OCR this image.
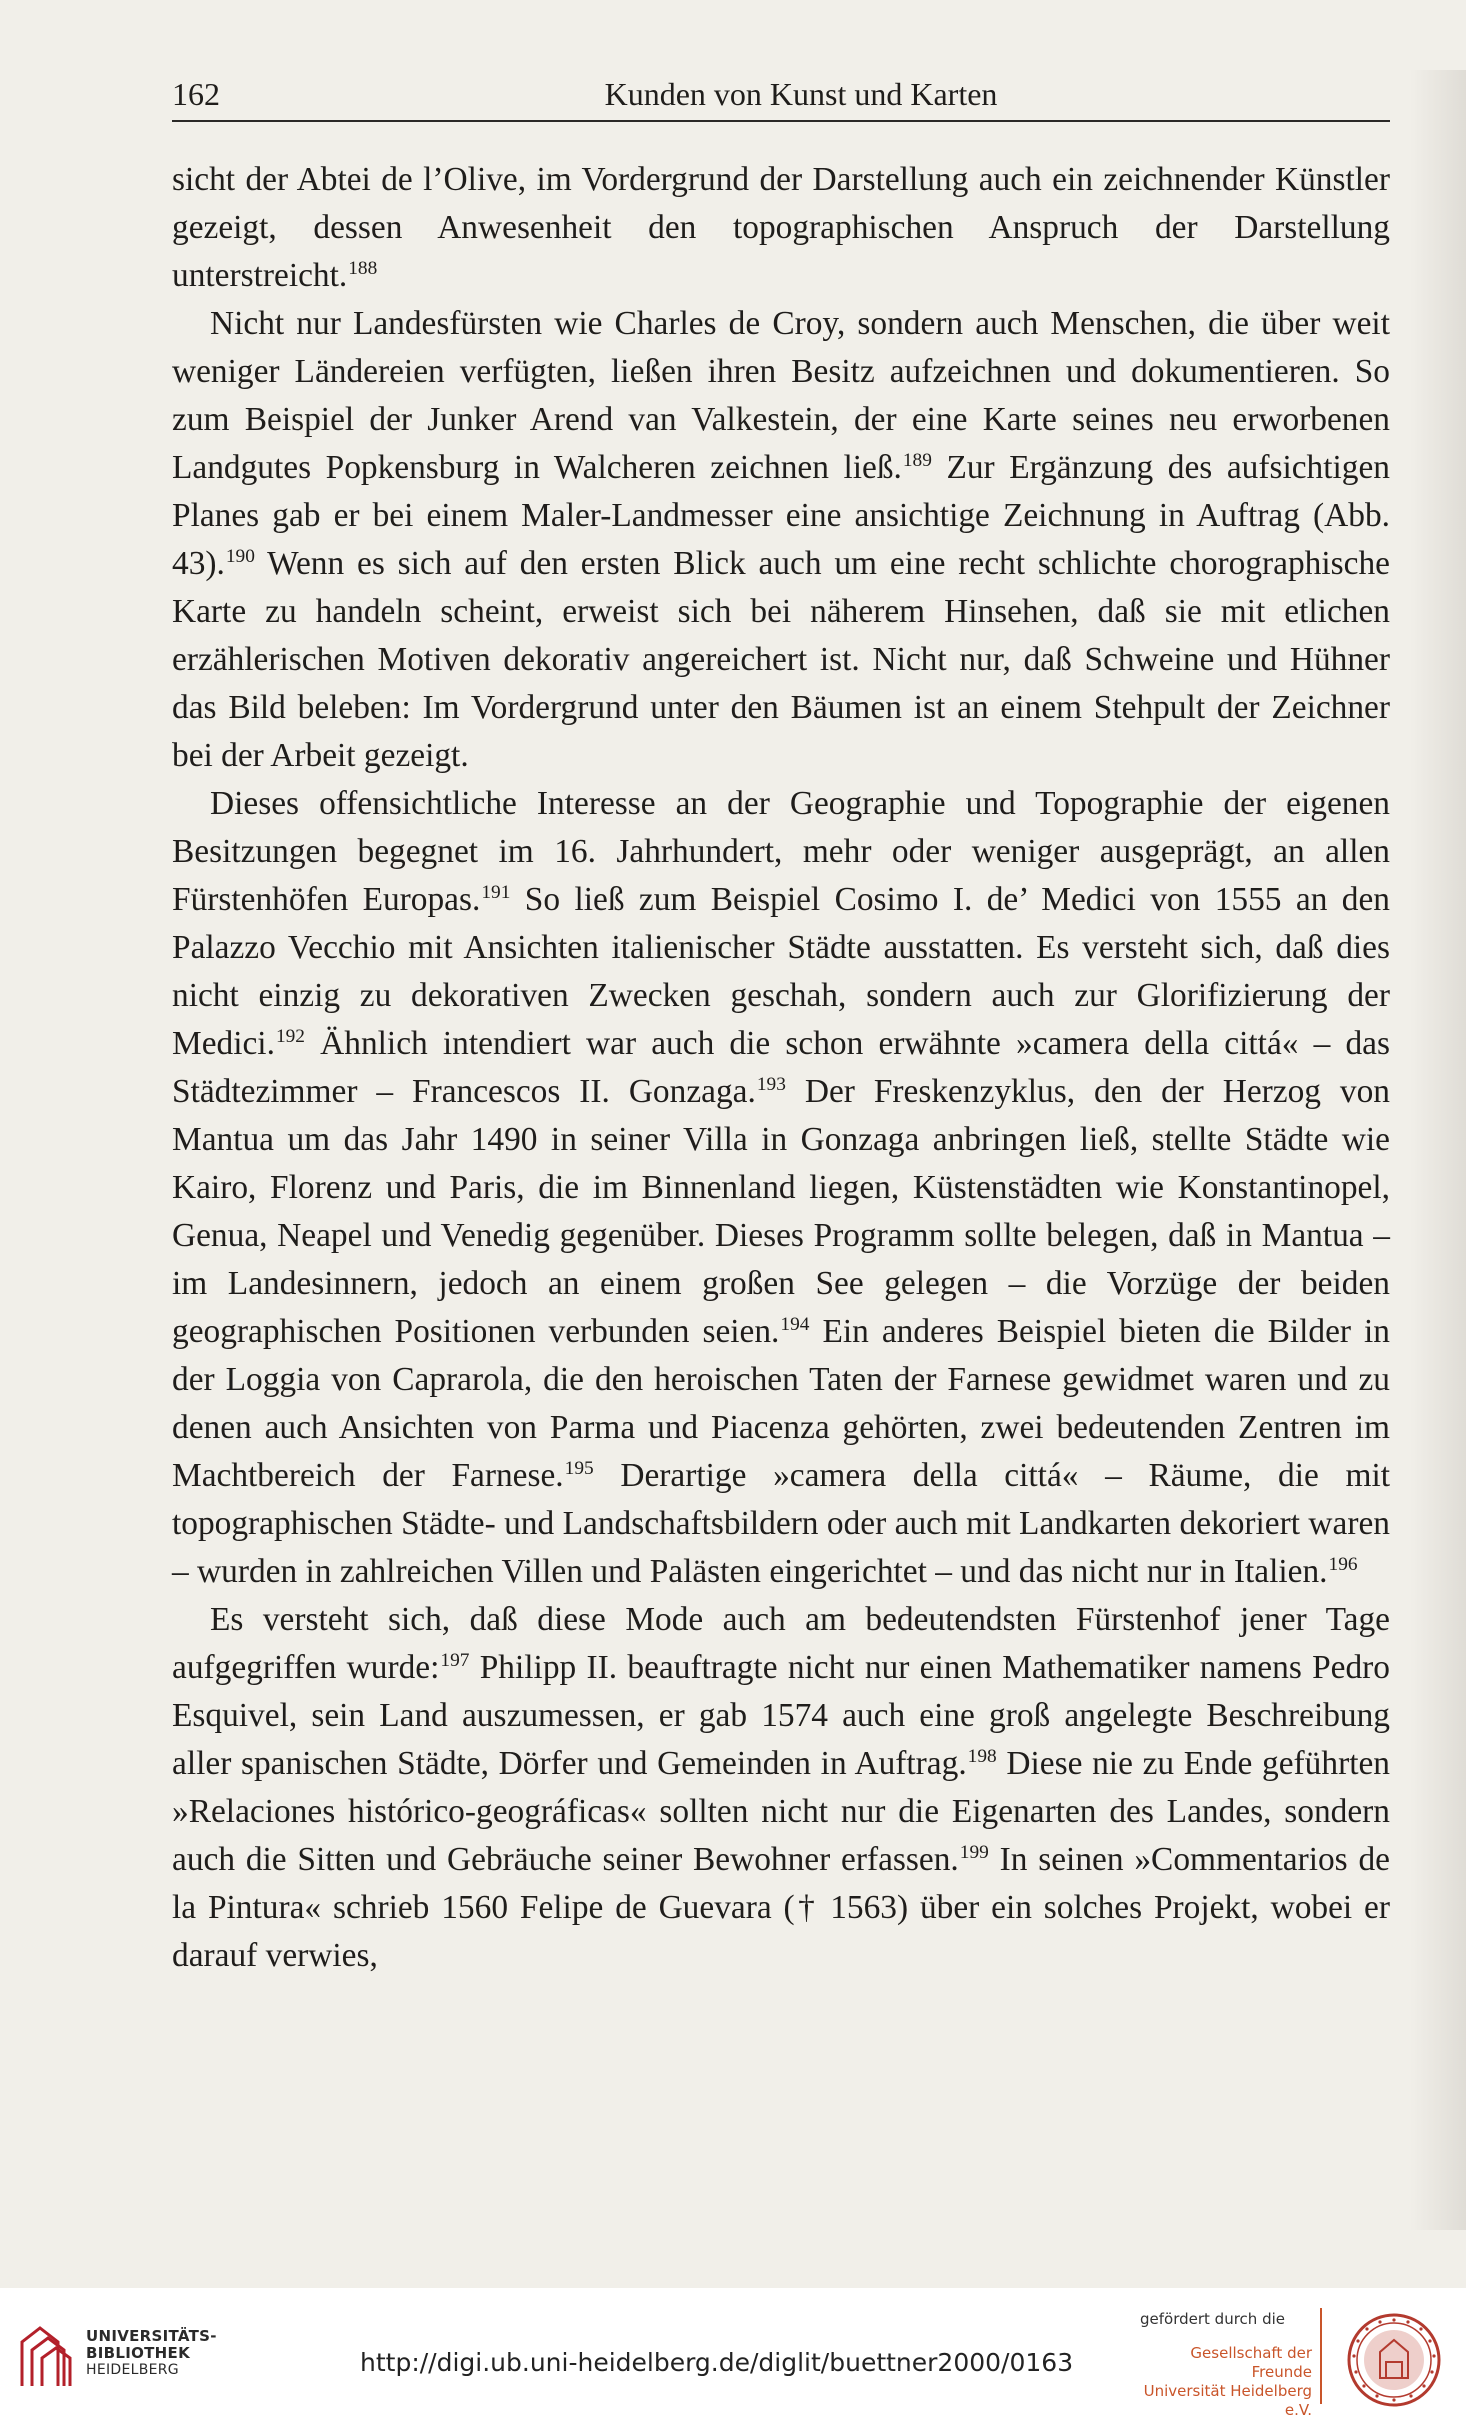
162	Kunden von Kunst und Karten

sicht der Abtei de l’Olive, im Vordergrund der Darstellung auch ein zeichnender Künstler gezeigt, dessen Anwesenheit den topographischen Anspruch der Darstellung unterstreicht.$^{188}$

Nicht nur Landesfürsten wie Charles de Croy, sondern auch Menschen, die über weit weniger Ländereien verfügten, ließen ihren Besitz aufzeichnen und dokumentieren. So zum Beispiel der Junker Arend van Valkestein, der eine Karte seines neu erworbenen Landgutes Popkensburg in Walcheren zeichnen ließ.$^{189}$ Zur Ergänzung des aufsichtigen Planes gab er bei einem Maler-Landmesser eine ansichtige Zeichnung in Auftrag (Abb. 43).$^{190}$ Wenn es sich auf den ersten Blick auch um eine recht schlichte chorographische Karte zu handeln scheint, erweist sich bei näherem Hinsehen, daß sie mit etlichen erzählerischen Motiven dekorativ angereichert ist. Nicht nur, daß Schweine und Hühner das Bild beleben: Im Vordergrund unter den Bäumen ist an einem Stehpult der Zeichner bei der Arbeit gezeigt.

Dieses offensichtliche Interesse an der Geographie und Topographie der eigenen Besitzungen begegnet im 16. Jahrhundert, mehr oder weniger ausgeprägt, an allen Fürstenhöfen Europas.$^{191}$ So ließ zum Beispiel Cosimo I. de’ Medici von 1555 an den Palazzo Vecchio mit Ansichten italienischer Städte ausstatten. Es versteht sich, daß dies nicht einzig zu dekorativen Zwecken geschah, sondern auch zur Glorifizierung der Medici.$^{192}$ Ähnlich intendiert war auch die schon erwähnte »camera della cittá« – das Städtezimmer – Francescos II. Gonzaga.$^{193}$ Der Freskenzyklus, den der Herzog von Mantua um das Jahr 1490 in seiner Villa in Gonzaga anbringen ließ, stellte Städte wie Kairo, Florenz und Paris, die im Binnenland liegen, Küstenstädten wie Konstantinopel, Genua, Neapel und Venedig gegenüber. Dieses Programm sollte belegen, daß in Mantua – im Landesinnern, jedoch an einem großen See gelegen – die Vorzüge der beiden geographischen Positionen verbunden seien.$^{194}$ Ein anderes Beispiel bieten die Bilder in der Loggia von Caprarola, die den heroischen Taten der Farnese gewidmet waren und zu denen auch Ansichten von Parma und Piacenza gehörten, zwei bedeutenden Zentren im Machtbereich der Farnese.$^{195}$ Derartige »camera della cittá« – Räume, die mit topographischen Städte- und Landschaftsbildern oder auch mit Landkarten dekoriert waren – wurden in zahlreichen Villen und Palästen eingerichtet – und das nicht nur in Italien.$^{196}$

Es versteht sich, daß diese Mode auch am bedeutendsten Fürstenhof jener Tage aufgegriffen wurde:$^{197}$ Philipp II. beauftragte nicht nur einen Mathematiker namens Pedro Esquivel, sein Land auszumessen, er gab 1574 auch eine groß angelegte Beschreibung aller spanischen Städte, Dörfer und Gemeinden in Auftrag.$^{198}$ Diese nie zu Ende geführten »Relaciones histórico-geográficas« sollten nicht nur die Eigenarten des Landes, sondern auch die Sitten und Gebräuche seiner Bewohner erfassen.$^{199}$ In seinen »Commentarios de la Pintura« schrieb 1560 Felipe de Guevara († 1563) über ein solches Projekt, wobei er darauf verwies,

UNIVERSITÄTS-
BIBLIOTHEK
HEIDELBERG	http://digi.ub.uni-heidelberg.de/diglit/buettner2000/0163
gefördert durch die
Gesellschaft der Freunde
Universität Heidelberg e.V.
